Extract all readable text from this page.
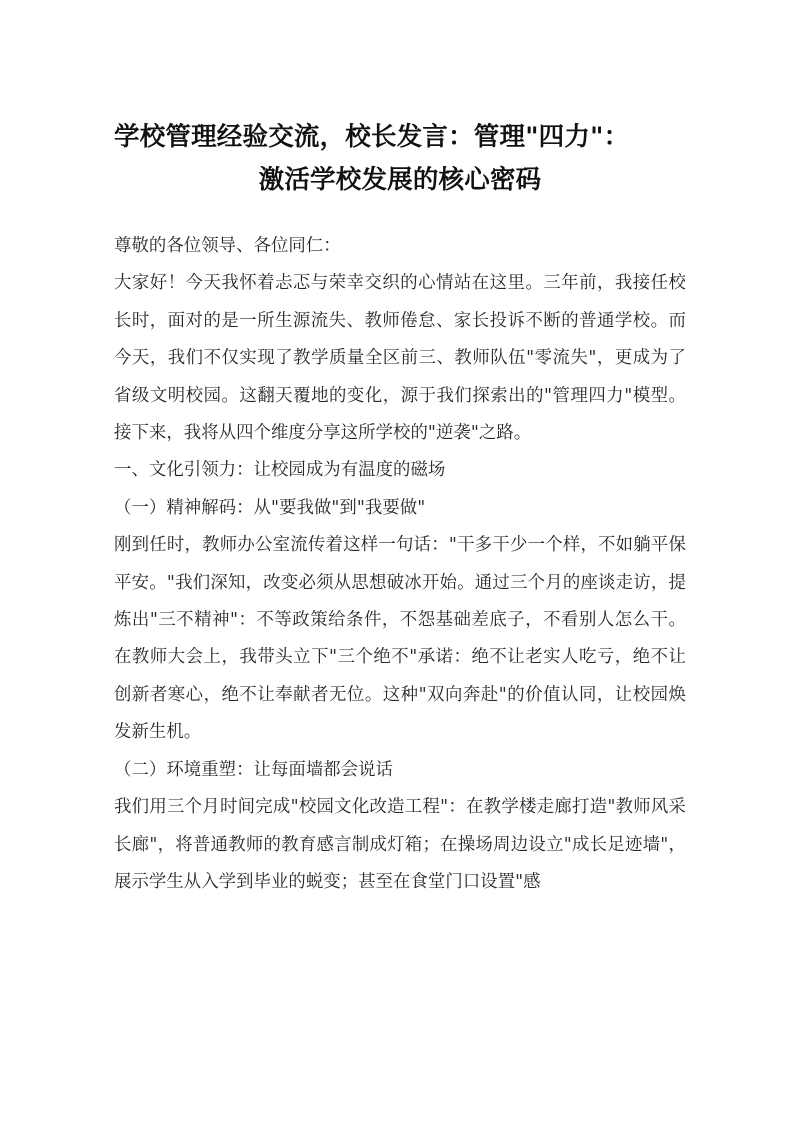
学校管理经验交流，校长发言：管理"四力"：
激活学校发展的核心密码

尊敬的各位领导、各位同仁：

大家好！今天我怀着忐忑与荣幸交织的心情站在这里。三年前，我接任校长时，面对的是一所生源流失、教师倦怠、家长投诉不断的普通学校。而今天，我们不仅实现了教学质量全区前三、教师队伍"零流失"，更成为了省级文明校园。这翻天覆地的变化，源于我们探索出的"管理四力"模型。接下来，我将从四个维度分享这所学校的"逆袭"之路。

一、文化引领力：让校园成为有温度的磁场

（一）精神解码：从"要我做"到"我要做"

刚到任时，教师办公室流传着这样一句话："干多干少一个样，不如躺平保平安。"我们深知，改变必须从思想破冰开始。通过三个月的座谈走访，提炼出"三不精神"：不等政策给条件，不怨基础差底子，不看别人怎么干。在教师大会上，我带头立下"三个绝不"承诺：绝不让老实人吃亏，绝不让创新者寒心，绝不让奉献者无位。这种"双向奔赴"的价值认同，让校园焕发新生机。

（二）环境重塑：让每面墙都会说话

我们用三个月时间完成"校园文化改造工程"：在教学楼走廊打造"教师风采长廊"，将普通教师的教育感言制成灯箱；在操场周边设立"成长足迹墙"，展示学生从入学到毕业的蜕变；甚至在食堂门口设置"感
